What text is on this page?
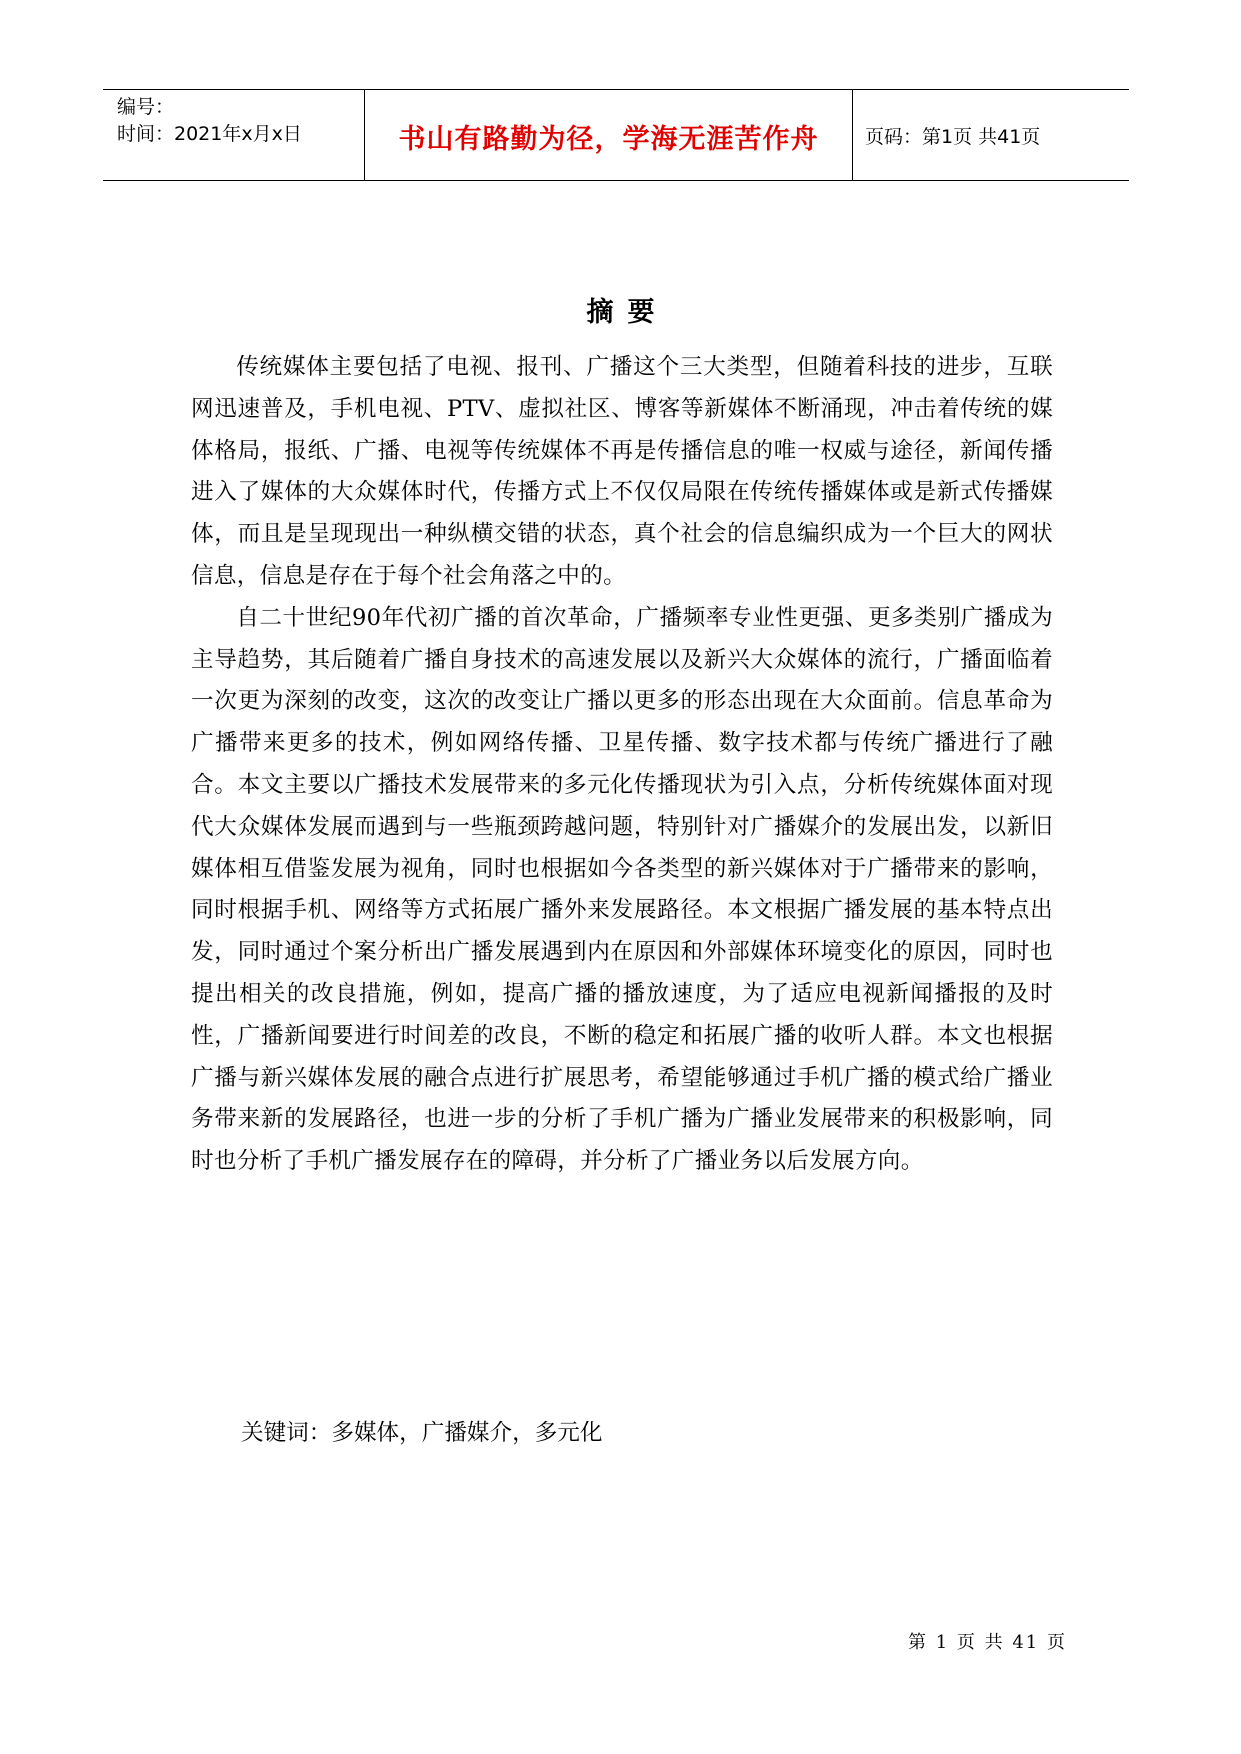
编号：
时间：2021年x月x日	书山有路勤为径，学海无涯苦作舟 页码：第1页 共41页
摘要

传统媒体主要包括了电视、报刊、广播这个三大类型，但随着科技的进步，互联网迅速普及，手机电视、PTV、虚拟社区、博客等新媒体不断涌现，冲击着传统的媒体格局，报纸、广播、电视等传统媒体不再是传播信息的唯一权威与途径，新闻传播进入了媒体的大众媒体时代，传播方式上不仅仅局限在传统传播媒体或是新式传播媒体，而且是呈现现出一种纵横交错的状态，真个社会的信息编织成为一个巨大的网状信息，信息是存在于每个社会角落之中的。

自二十世纪90年代初广播的首次革命，广播频率专业性更强、更多类别广播成为主导趋势，其后随着广播自身技术的高速发展以及新兴大众媒体的流行，广播面临着一次更为深刻的改变，这次的改变让广播以更多的形态出现在大众面前。信息革命为广播带来更多的技术，例如网络传播、卫星传播、数字技术都与传统广播进行了融合。本文主要以广播技术发展带来的多元化传播现状为引入点，分析传统媒体面对现代大众媒体发展而遇到与一些瓶颈跨越问题，特别针对广播媒介的发展出发，以新旧媒体相互借鉴发展为视角，同时也根据如今各类型的新兴媒体对于广播带来的影响，同时根据手机、网络等方式拓展广播外来发展路径。本文根据广播发展的基本特点出发，同时通过个案分析出广播发展遇到内在原因和外部媒体环境变化的原因，同时也提出相关的改良措施，例如，提高广播的播放速度，为了适应电视新闻播报的及时性，广播新闻要进行时间差的改良，不断的稳定和拓展广播的收听人群。本文也根据广播与新兴媒体发展的融合点进行扩展思考，希望能够通过手机广播的模式给广播业务带来新的发展路径，也进一步的分析了手机广播为广播业发展带来的积极影响，同时也分析了手机广播发展存在的障碍，并分析了广播业务以后发展方向。

关键词：多媒体，广播媒介，多元化
第 1 页 共 41 页
